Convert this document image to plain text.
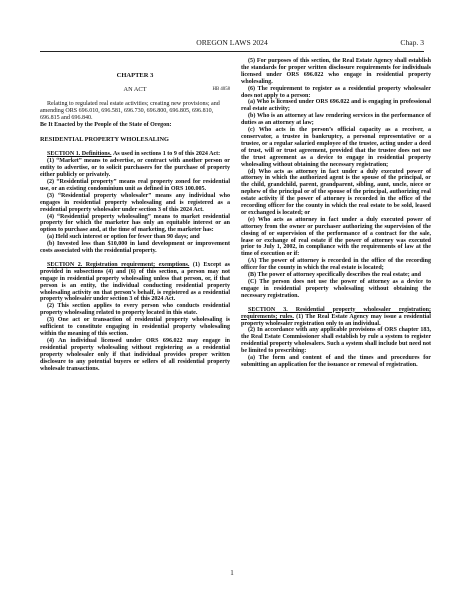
OREGON LAWS 2024	Chap. 3

CHAPTER 3

AN ACT	HB 4058

Relating to regulated real estate activities; creating new provisions; and amending ORS 696.010, 696.581, 696.730, 696.800, 696.805, 696.810, 696.815 and 696.840.

Be It Enacted by the People of the State of Oregon:

RESIDENTIAL PROPERTY WHOLESALING

SECTION 1. Definitions. As used in sections 1 to 9 of this 2024 Act:

(1) “Market” means to advertise, or contract with another person or entity to advertise, or to solicit purchasers for the purchase of property either publicly or privately.

(2) “Residential property” means real property zoned for residential use, or an existing condominium unit as defined in ORS 100.005.

(3) “Residential property wholesaler” means any individual who engages in residential property wholesaling and is registered as a residential property wholesaler under section 3 of this 2024 Act.

(4) “Residential property wholesaling” means to market residential property for which the marketer has only an equitable interest or an option to purchase and, at the time of marketing, the marketer has:

(a) Held such interest or option for fewer than 90 days; and

(b) Invested less than $10,000 in land development or improvement costs associated with the residential property.

SECTION 2. Registration requirement; exemptions. (1) Except as provided in subsections (4) and (6) of this section, a person may not engage in residential property wholesaling unless that person, or, if that person is an entity, the individual conducting residential property wholesaling activity on that person’s behalf, is registered as a residential property wholesaler under section 3 of this 2024 Act.

(2) This section applies to every person who conducts residential property wholesaling related to property located in this state.

(3) One act or transaction of residential property wholesaling is sufficient to constitute engaging in residential property wholesaling within the meaning of this section.

(4) An individual licensed under ORS 696.022 may engage in residential property wholesaling without registering as a residential property wholesaler only if that individual provides proper written disclosure to any potential buyers or sellers of all residential property wholesale transactions.

(5) For purposes of this section, the Real Estate Agency shall establish the standards for proper written disclosure requirements for individuals licensed under ORS 696.022 who engage in residential property wholesaling.

(6) The requirement to register as a residential property wholesaler does not apply to a person:

(a) Who is licensed under ORS 696.022 and is engaging in professional real estate activity;

(b) Who is an attorney at law rendering services in the performance of duties as an attorney at law;

(c) Who acts in the person’s official capacity as a receiver, a conservator, a trustee in bankruptcy, a personal representative or a trustee, or a regular salaried employee of the trustee, acting under a deed of trust, will or trust agreement, provided that the trustee does not use the trust agreement as a device to engage in residential property wholesaling without obtaining the necessary registration;

(d) Who acts as attorney in fact under a duly executed power of attorney in which the authorized agent is the spouse of the principal, or the child, grandchild, parent, grandparent, sibling, aunt, uncle, niece or nephew of the principal or of the spouse of the principal, authorizing real estate activity if the power of attorney is recorded in the office of the recording officer for the county in which the real estate to be sold, leased or exchanged is located; or

(e) Who acts as attorney in fact under a duly executed power of attorney from the owner or purchaser authorizing the supervision of the closing of or supervision of the performance of a contract for the sale, lease or exchange of real estate if the power of attorney was executed prior to July 1, 2002, in compliance with the requirements of law at the time of execution or if:

(A) The power of attorney is recorded in the office of the recording officer for the county in which the real estate is located;

(B) The power of attorney specifically describes the real estate; and

(C) The person does not use the power of attorney as a device to engage in residential property wholesaling without obtaining the necessary registration.

SECTION 3. Residential property wholesaler registration; requirements; rules. (1) The Real Estate Agency may issue a residential property wholesaler registration only to an individual.

(2) In accordance with any applicable provisions of ORS chapter 183, the Real Estate Commissioner shall establish by rule a system to register residential property wholesalers. Such a system shall include but need not be limited to prescribing:

(a) The form and content of and the times and procedures for submitting an application for the issuance or renewal of registration.

1
